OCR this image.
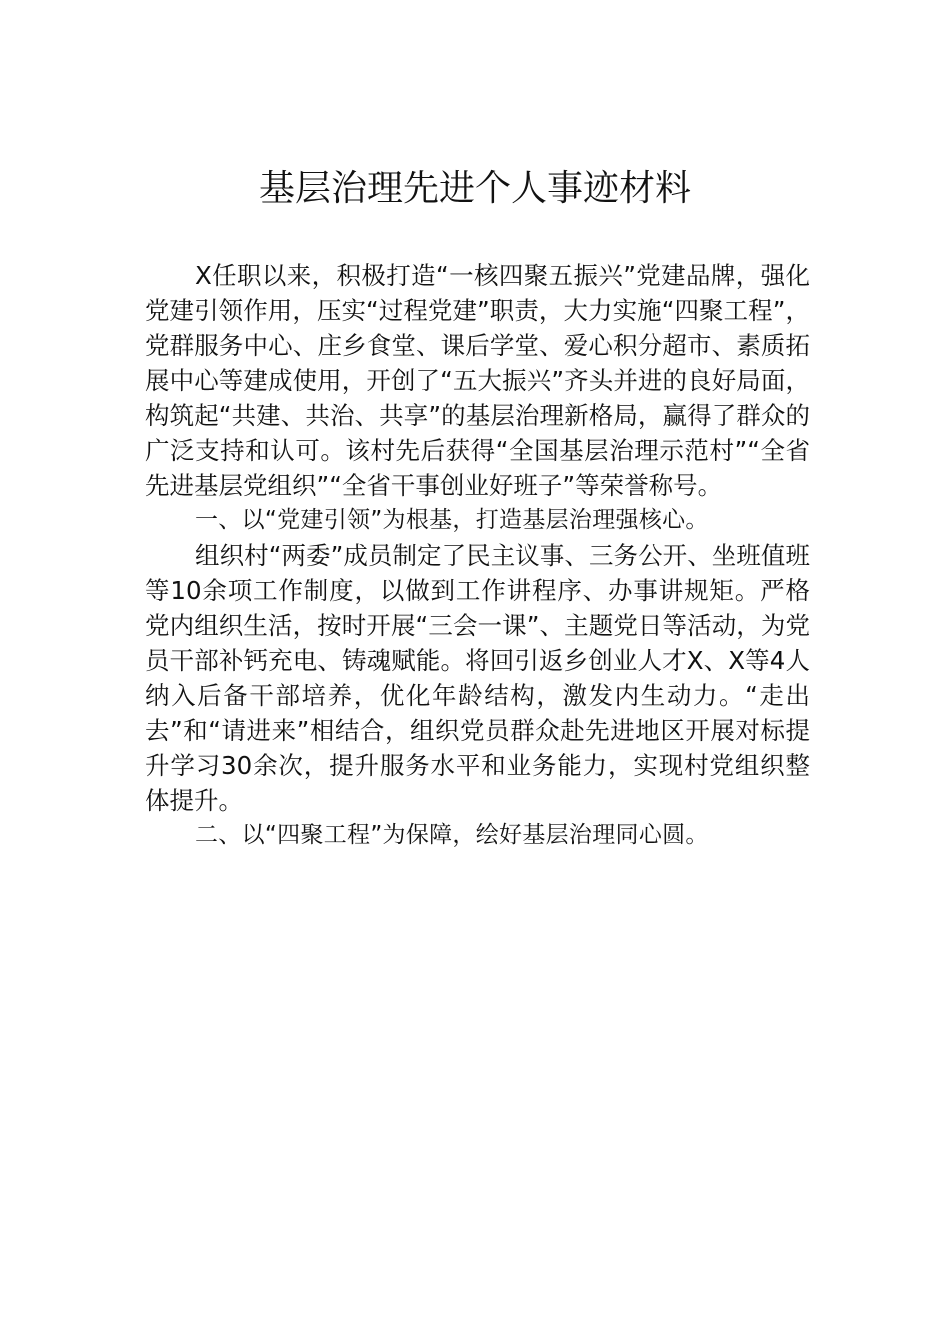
基层治理先进个人事迹材料

X任职以来，积极打造“一核四聚五振兴”党建品牌，强化党建引领作用，压实“过程党建”职责，大力实施“四聚工程”，党群服务中心、庄乡食堂、课后学堂、爱心积分超市、素质拓展中心等建成使用，开创了“五大振兴”齐头并进的良好局面，构筑起“共建、共治、共享”的基层治理新格局，赢得了群众的广泛支持和认可。该村先后获得“全国基层治理示范村”“全省先进基层党组织”“全省干事创业好班子”等荣誉称号。

一、以“党建引领”为根基，打造基层治理强核心。

组织村“两委”成员制定了民主议事、三务公开、坐班值班等10余项工作制度，以做到工作讲程序、办事讲规矩。严格党内组织生活，按时开展“三会一课”、主题党日等活动，为党员干部补钙充电、铸魂赋能。将回引返乡创业人才X、X等4人纳入后备干部培养，优化年龄结构，激发内生动力。“走出去”和“请进来”相结合，组织党员群众赴先进地区开展对标提升学习30余次，提升服务水平和业务能力，实现村党组织整体提升。

二、以“四聚工程”为保障，绘好基层治理同心圆。
